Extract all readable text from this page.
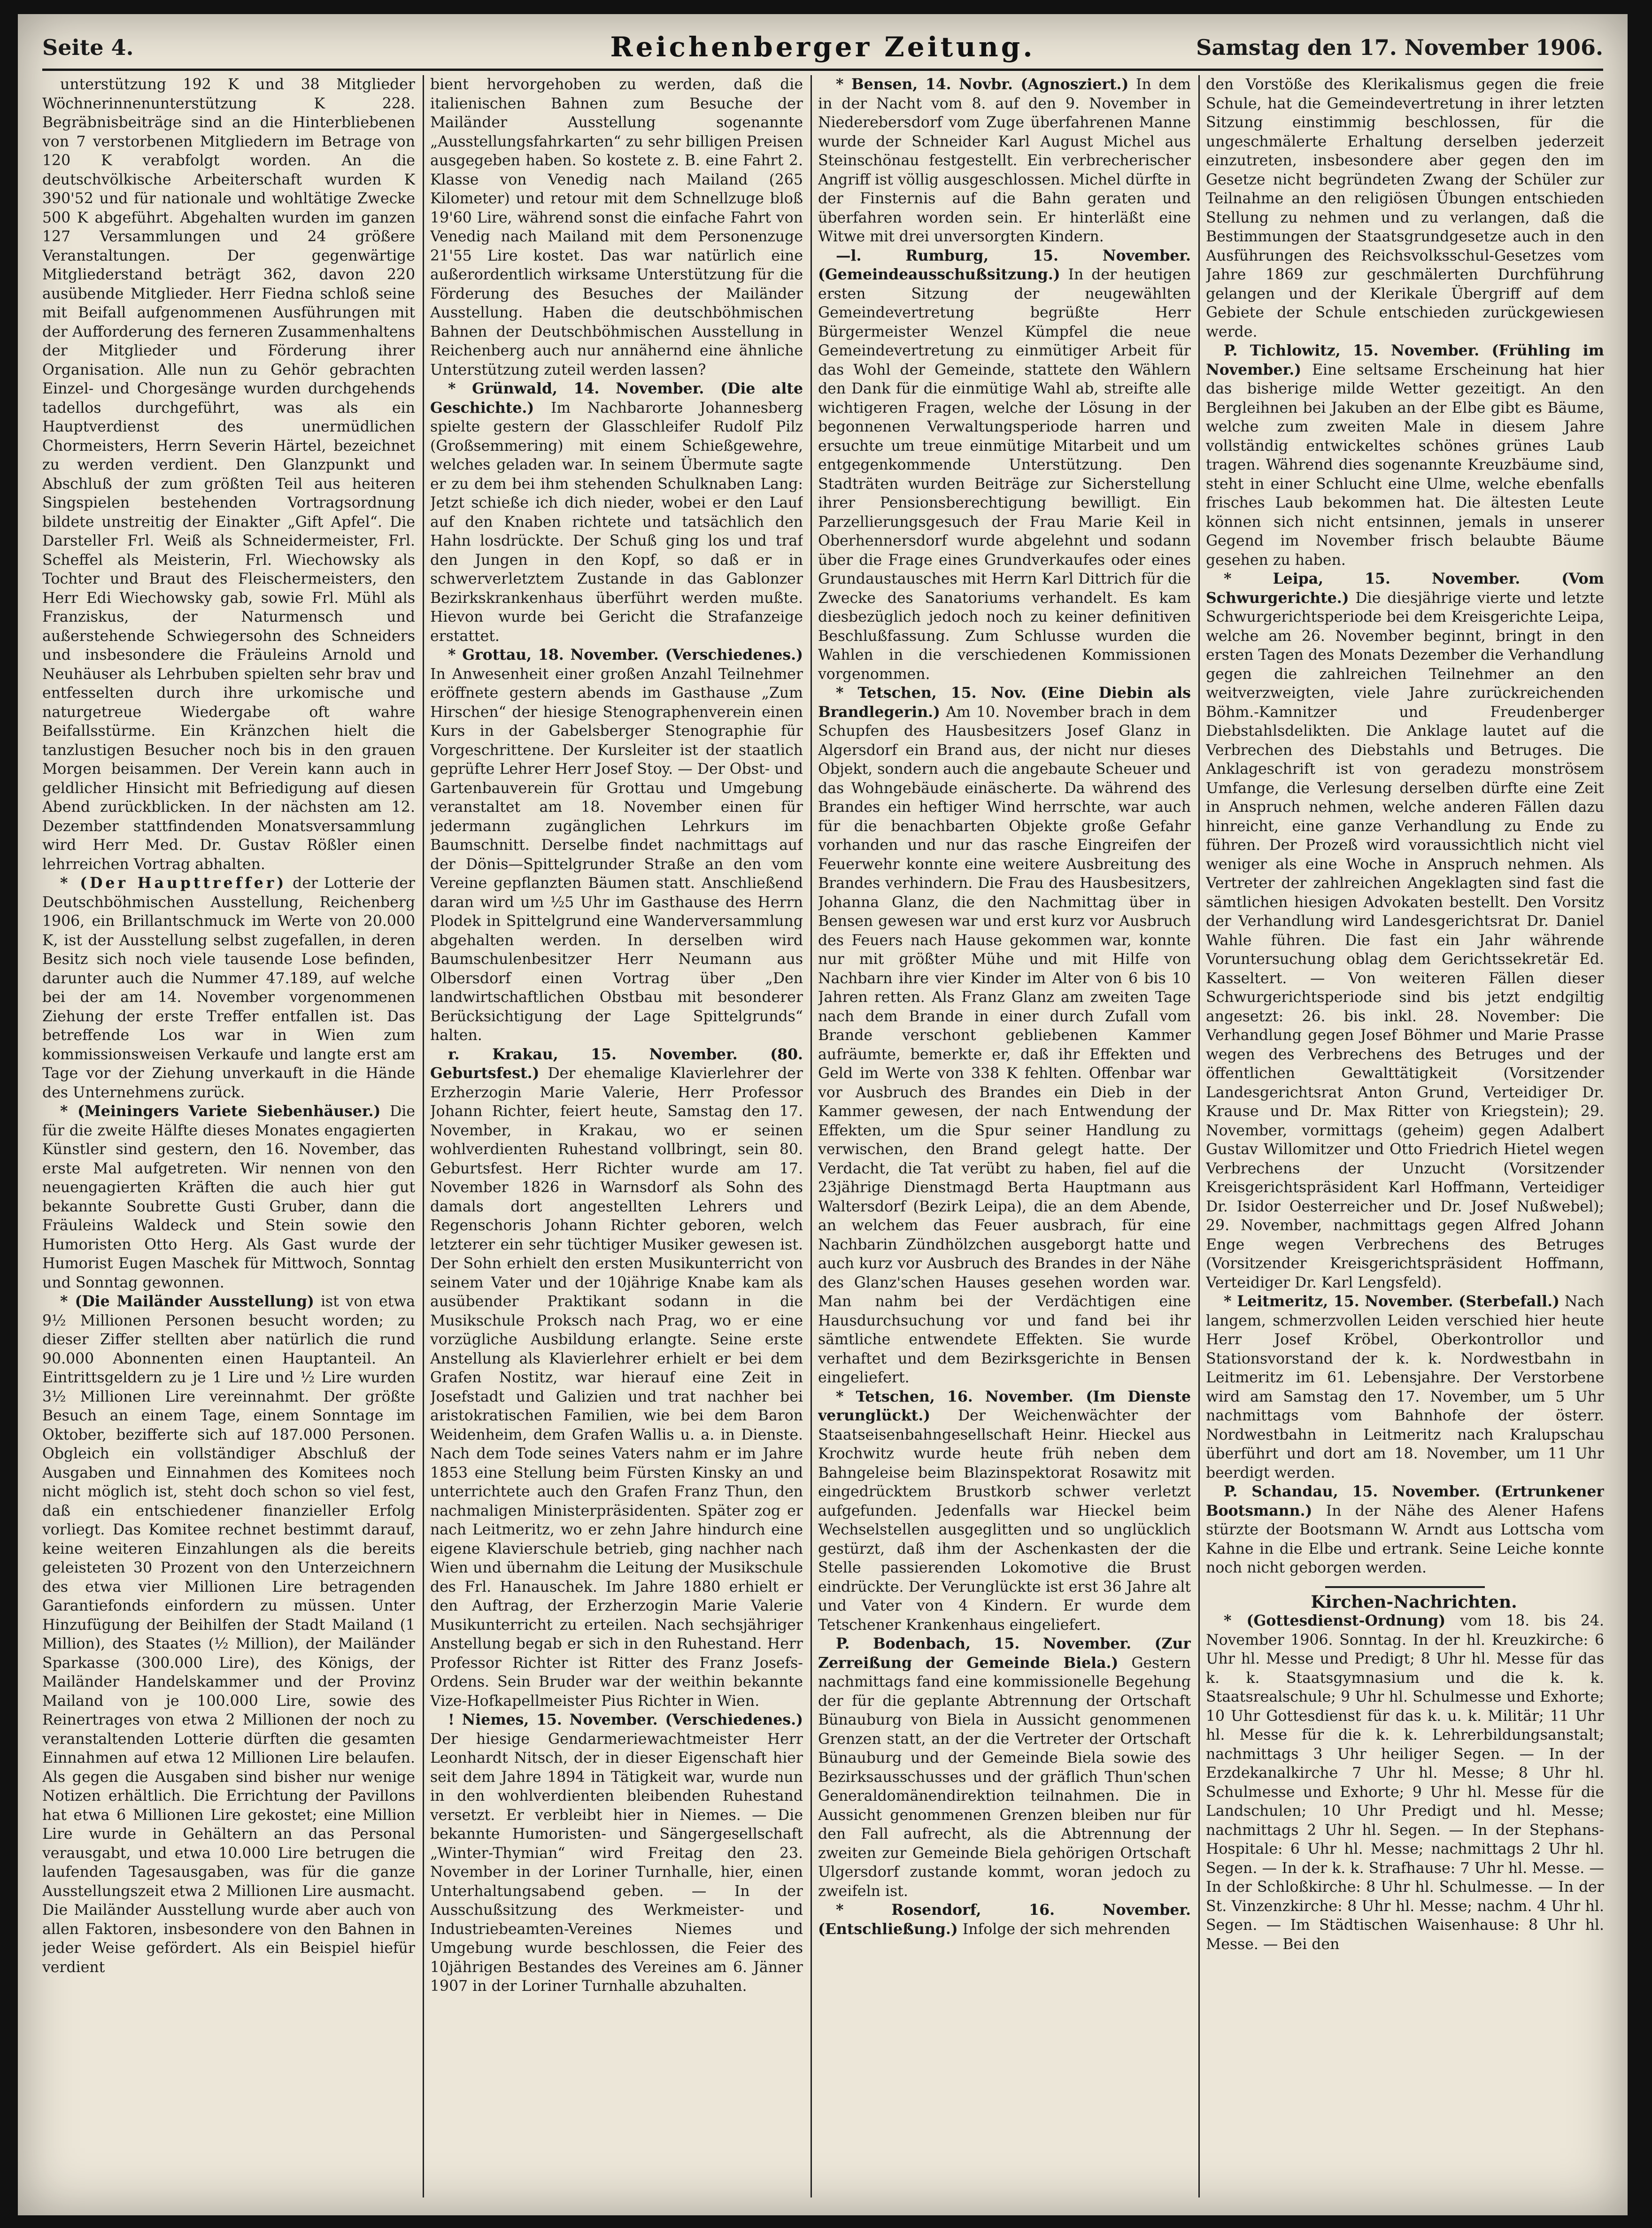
Seite 4.	Reichenberger Zeitung.	Samstag den 17. November 1906.

unterstützung 192 K und 38 Mitglieder Wöchnerinnenunterstützung K 228. Begräbnisbeiträge sind an die Hinterbliebenen von 7 verstorbenen Mitgliedern im Betrage von 120 K verabfolgt worden. An die deutschvölkische Arbeiterschaft wurden K 390'52 und für nationale und wohltätige Zwecke 500 K abgeführt. Abgehalten wurden im ganzen 127 Versammlungen und 24 größere Veranstaltungen. Der gegenwärtige Mitgliederstand beträgt 362, davon 220 ausübende Mitglieder. Herr Fiedna schloß seine mit Beifall aufgenommenen Ausführungen mit der Aufforderung des ferneren Zusammenhaltens der Mitglieder und Förderung ihrer Organisation. Alle nun zu Gehör gebrachten Einzel- und Chorgesänge wurden durchgehends tadellos durchgeführt, was als ein Hauptverdienst des unermüdlichen Chormeisters, Herrn Severin Härtel, bezeichnet zu werden verdient. Den Glanzpunkt und Abschluß der zum größten Teil aus heiteren Singspielen bestehenden Vortragsordnung bildete unstreitig der Einakter „Gift Apfel“. Die Darsteller Frl. Weiß als Schneidermeister, Frl. Scheffel als Meisterin, Frl. Wiechowsky als Tochter und Braut des Fleischermeisters, den Herr Edi Wiechowsky gab, sowie Frl. Mühl als Franziskus, der Naturmensch und außerstehende Schwiegersohn des Schneiders und insbesondere die Fräuleins Arnold und Neuhäuser als Lehrbuben spielten sehr brav und entfesselten durch ihre urkomische und naturgetreue Wiedergabe oft wahre Beifallsstürme. Ein Kränzchen hielt die tanzlustigen Besucher noch bis in den grauen Morgen beisammen. Der Verein kann auch in geldlicher Hinsicht mit Befriedigung auf diesen Abend zurückblicken. In der nächsten am 12. Dezember stattfindenden Monatsversammlung wird Herr Med. Dr. Gustav Rößler einen lehrreichen Vortrag abhalten.

* (Der Haupttreffer) der Lotterie der Deutschböhmischen Ausstellung, Reichenberg 1906, ein Brillantschmuck im Werte von 20.000 K, ist der Ausstellung selbst zugefallen, in deren Besitz sich noch viele tausende Lose befinden, darunter auch die Nummer 47.189, auf welche bei der am 14. November vorgenommenen Ziehung der erste Treffer entfallen ist. Das betreffende Los war in Wien zum kommissionsweisen Verkaufe und langte erst am Tage vor der Ziehung unverkauft in die Hände des Unternehmens zurück.

* (Meiningers Variete Siebenhäuser.) Die für die zweite Hälfte dieses Monates engagierten Künstler sind gestern, den 16. November, das erste Mal aufgetreten. Wir nennen von den neuengagierten Kräften die auch hier gut bekannte Soubrette Gusti Gruber, dann die Fräuleins Waldeck und Stein sowie den Humoristen Otto Herg. Als Gast wurde der Humorist Eugen Maschek für Mittwoch, Sonntag und Sonntag gewonnen.

* (Die Mailänder Ausstellung) ist von etwa 9½ Millionen Personen besucht worden; zu dieser Ziffer stellten aber natürlich die rund 90.000 Abonnenten einen Hauptanteil. An Eintrittsgeldern zu je 1 Lire und ½ Lire wurden 3½ Millionen Lire vereinnahmt. Der größte Besuch an einem Tage, einem Sonntage im Oktober, bezifferte sich auf 187.000 Personen. Obgleich ein vollständiger Abschluß der Ausgaben und Einnahmen des Komitees noch nicht möglich ist, steht doch schon so viel fest, daß ein entschiedener finanzieller Erfolg vorliegt. Das Komitee rechnet bestimmt darauf, keine weiteren Einzahlungen als die bereits geleisteten 30 Prozent von den Unterzeichnern des etwa vier Millionen Lire betragenden Garantiefonds einfordern zu müssen. Unter Hinzufügung der Beihilfen der Stadt Mailand (1 Million), des Staates (½ Million), der Mailänder Sparkasse (300.000 Lire), des Königs, der Mailänder Handelskammer und der Provinz Mailand von je 100.000 Lire, sowie des Reinertrages von etwa 2 Millionen der noch zu veranstaltenden Lotterie dürften die gesamten Einnahmen auf etwa 12 Millionen Lire belaufen. Als gegen die Ausgaben sind bisher nur wenige Notizen erhältlich. Die Errichtung der Pavillons hat etwa 6 Millionen Lire gekostet; eine Million Lire wurde in Gehältern an das Personal verausgabt, und etwa 10.000 Lire betrugen die laufenden Tagesausgaben, was für die ganze Ausstellungszeit etwa 2 Millionen Lire ausmacht. Die Mailänder Ausstellung wurde aber auch von allen Faktoren, insbesondere von den Bahnen in jeder Weise gefördert. Als ein Beispiel hiefür verdient

bient hervorgehoben zu werden, daß die italienischen Bahnen zum Besuche der Mailänder Ausstellung sogenannte „Ausstellungsfahrkarten“ zu sehr billigen Preisen ausgegeben haben. So kostete z. B. eine Fahrt 2. Klasse von Venedig nach Mailand (265 Kilometer) und retour mit dem Schnellzuge bloß 19'60 Lire, während sonst die einfache Fahrt von Venedig nach Mailand mit dem Personenzuge 21'55 Lire kostet. Das war natürlich eine außerordentlich wirksame Unterstützung für die Förderung des Besuches der Mailänder Ausstellung. Haben die deutschböhmischen Bahnen der Deutschböhmischen Ausstellung in Reichenberg auch nur annähernd eine ähnliche Unterstützung zuteil werden lassen?

* Grünwald, 14. November. (Die alte Geschichte.) Im Nachbarorte Johannesberg spielte gestern der Glasschleifer Rudolf Pilz (Großsemmering) mit einem Schießgewehre, welches geladen war. In seinem Übermute sagte er zu dem bei ihm stehenden Schulknaben Lang: Jetzt schieße ich dich nieder, wobei er den Lauf auf den Knaben richtete und tatsächlich den Hahn losdrückte. Der Schuß ging los und traf den Jungen in den Kopf, so daß er in schwerverletztem Zustande in das Gablonzer Bezirkskrankenhaus überführt werden mußte. Hievon wurde bei Gericht die Strafanzeige erstattet.

* Grottau, 18. November. (Verschiedenes.) In Anwesenheit einer großen Anzahl Teilnehmer eröffnete gestern abends im Gasthause „Zum Hirschen“ der hiesige Stenographenverein einen Kurs in der Gabelsberger Stenographie für Vorgeschrittene. Der Kursleiter ist der staatlich geprüfte Lehrer Herr Josef Stoy. — Der Obst- und Gartenbauverein für Grottau und Umgebung veranstaltet am 18. November einen für jedermann zugänglichen Lehrkurs im Baumschnitt. Derselbe findet nachmittags auf der Dönis—Spittelgrunder Straße an den vom Vereine gepflanzten Bäumen statt. Anschließend daran wird um ½5 Uhr im Gasthause des Herrn Plodek in Spittelgrund eine Wanderversammlung abgehalten werden. In derselben wird Baumschulenbesitzer Herr Neumann aus Olbersdorf einen Vortrag über „Den landwirtschaftlichen Obstbau mit besonderer Berücksichtigung der Lage Spittelgrunds“ halten.

r. Krakau, 15. November. (80. Geburtsfest.) Der ehemalige Klavierlehrer der Erzherzogin Marie Valerie, Herr Professor Johann Richter, feiert heute, Samstag den 17. November, in Krakau, wo er seinen wohlverdienten Ruhestand vollbringt, sein 80. Geburtsfest. Herr Richter wurde am 17. November 1826 in Warnsdorf als Sohn des damals dort angestellten Lehrers und Regenschoris Johann Richter geboren, welch letzterer ein sehr tüchtiger Musiker gewesen ist. Der Sohn erhielt den ersten Musikunterricht von seinem Vater und der 10jährige Knabe kam als ausübender Praktikant sodann in die Musikschule Proksch nach Prag, wo er eine vorzügliche Ausbildung erlangte. Seine erste Anstellung als Klavierlehrer erhielt er bei dem Grafen Nostitz, war hierauf eine Zeit in Josefstadt und Galizien und trat nachher bei aristokratischen Familien, wie bei dem Baron Weidenheim, dem Grafen Wallis u. a. in Dienste. Nach dem Tode seines Vaters nahm er im Jahre 1853 eine Stellung beim Fürsten Kinsky an und unterrichtete auch den Grafen Franz Thun, den nachmaligen Ministerpräsidenten. Später zog er nach Leitmeritz, wo er zehn Jahre hindurch eine eigene Klavierschule betrieb, ging nachher nach Wien und übernahm die Leitung der Musikschule des Frl. Hanauschek. Im Jahre 1880 erhielt er den Auftrag, der Erzherzogin Marie Valerie Musikunterricht zu erteilen. Nach sechsjähriger Anstellung begab er sich in den Ruhestand. Herr Professor Richter ist Ritter des Franz Josefs-Ordens. Sein Bruder war der weithin bekannte Vize-Hofkapellmeister Pius Richter in Wien.

! Niemes, 15. November. (Verschiedenes.) Der hiesige Gendarmeriewachtmeister Herr Leonhardt Nitsch, der in dieser Eigenschaft hier seit dem Jahre 1894 in Tätigkeit war, wurde nun in den wohlverdienten bleibenden Ruhestand versetzt. Er verbleibt hier in Niemes. — Die bekannte Humoristen- und Sängergesellschaft „Winter-Thymian“ wird Freitag den 23. November in der Loriner Turnhalle, hier, einen Unterhaltungsabend geben. — In der Ausschußsitzung des Werkmeister- und Industriebeamten-Vereines Niemes und Umgebung wurde beschlossen, die Feier des 10jährigen Bestandes des Vereines am 6. Jänner 1907 in der Loriner Turnhalle abzuhalten.

* Bensen, 14. Novbr. (Agnosziert.) In dem in der Nacht vom 8. auf den 9. November in Niederebersdorf vom Zuge überfahrenen Manne wurde der Schneider Karl August Michel aus Steinschönau festgestellt. Ein verbrecherischer Angriff ist völlig ausgeschlossen. Michel dürfte in der Finsternis auf die Bahn geraten und überfahren worden sein. Er hinterläßt eine Witwe mit drei unversorgten Kindern.

—l. Rumburg, 15. November. (Gemeindeausschußsitzung.) In der heutigen ersten Sitzung der neugewählten Gemeindevertretung begrüßte Herr Bürgermeister Wenzel Kümpfel die neue Gemeindevertretung zu einmütiger Arbeit für das Wohl der Gemeinde, stattete den Wählern den Dank für die einmütige Wahl ab, streifte alle wichtigeren Fragen, welche der Lösung in der begonnenen Verwaltungsperiode harren und ersuchte um treue einmütige Mitarbeit und um entgegenkommende Unterstützung. Den Stadträten wurden Beiträge zur Sicherstellung ihrer Pensionsberechtigung bewilligt. Ein Parzellierungsgesuch der Frau Marie Keil in Oberhennersdorf wurde abgelehnt und sodann über die Frage eines Grundverkaufes oder eines Grundaustausches mit Herrn Karl Dittrich für die Zwecke des Sanatoriums verhandelt. Es kam diesbezüglich jedoch noch zu keiner definitiven Beschlußfassung. Zum Schlusse wurden die Wahlen in die verschiedenen Kommissionen vorgenommen.

* Tetschen, 15. Nov. (Eine Diebin als Brandlegerin.) Am 10. November brach in dem Schupfen des Hausbesitzers Josef Glanz in Algersdorf ein Brand aus, der nicht nur dieses Objekt, sondern auch die angebaute Scheuer und das Wohngebäude einäscherte. Da während des Brandes ein heftiger Wind herrschte, war auch für die benachbarten Objekte große Gefahr vorhanden und nur das rasche Eingreifen der Feuerwehr konnte eine weitere Ausbreitung des Brandes verhindern. Die Frau des Hausbesitzers, Johanna Glanz, die den Nachmittag über in Bensen gewesen war und erst kurz vor Ausbruch des Feuers nach Hause gekommen war, konnte nur mit größter Mühe und mit Hilfe von Nachbarn ihre vier Kinder im Alter von 6 bis 10 Jahren retten. Als Franz Glanz am zweiten Tage nach dem Brande in einer durch Zufall vom Brande verschont gebliebenen Kammer aufräumte, bemerkte er, daß ihr Effekten und Geld im Werte von 338 K fehlten. Offenbar war vor Ausbruch des Brandes ein Dieb in der Kammer gewesen, der nach Entwendung der Effekten, um die Spur seiner Handlung zu verwischen, den Brand gelegt hatte. Der Verdacht, die Tat verübt zu haben, fiel auf die 23jährige Dienstmagd Berta Hauptmann aus Waltersdorf (Bezirk Leipa), die an dem Abende, an welchem das Feuer ausbrach, für eine Nachbarin Zündhölzchen ausgeborgt hatte und auch kurz vor Ausbruch des Brandes in der Nähe des Glanz'schen Hauses gesehen worden war. Man nahm bei der Verdächtigen eine Hausdurchsuchung vor und fand bei ihr sämtliche entwendete Effekten. Sie wurde verhaftet und dem Bezirksgerichte in Bensen eingeliefert.

* Tetschen, 16. November. (Im Dienste verunglückt.) Der Weichenwächter der Staatseisenbahngesellschaft Heinr. Hieckel aus Krochwitz wurde heute früh neben dem Bahngeleise beim Blazinspektorat Rosawitz mit eingedrücktem Brustkorb schwer verletzt aufgefunden. Jedenfalls war Hieckel beim Wechselstellen ausgeglitten und so unglücklich gestürzt, daß ihm der Aschenkasten der die Stelle passierenden Lokomotive die Brust eindrückte. Der Verunglückte ist erst 36 Jahre alt und Vater von 4 Kindern. Er wurde dem Tetschener Krankenhaus eingeliefert.

P. Bodenbach, 15. November. (Zur Zerreißung der Gemeinde Biela.) Gestern nachmittags fand eine kommissionelle Begehung der für die geplante Abtrennung der Ortschaft Bünauburg von Biela in Aussicht genommenen Grenzen statt, an der die Vertreter der Ortschaft Bünauburg und der Gemeinde Biela sowie des Bezirksausschusses und der gräflich Thun'schen Generaldomänendirektion teilnahmen. Die in Aussicht genommenen Grenzen bleiben nur für den Fall aufrecht, als die Abtrennung der zweiten zur Gemeinde Biela gehörigen Ortschaft Ulgersdorf zustande kommt, woran jedoch zu zweifeln ist.

* Rosendorf, 16. November. (Entschließung.) Infolge der sich mehrenden

den Vorstöße des Klerikalismus gegen die freie Schule, hat die Gemeindevertretung in ihrer letzten Sitzung einstimmig beschlossen, für die ungeschmälerte Erhaltung derselben jederzeit einzutreten, insbesondere aber gegen den im Gesetze nicht begründeten Zwang der Schüler zur Teilnahme an den religiösen Übungen entschieden Stellung zu nehmen und zu verlangen, daß die Bestimmungen der Staatsgrundgesetze auch in den Ausführungen des Reichsvolksschul-Gesetzes vom Jahre 1869 zur geschmälerten Durchführung gelangen und der Klerikale Übergriff auf dem Gebiete der Schule entschieden zurückgewiesen werde.

P. Tichlowitz, 15. November. (Frühling im November.) Eine seltsame Erscheinung hat hier das bisherige milde Wetter gezeitigt. An den Bergleihnen bei Jakuben an der Elbe gibt es Bäume, welche zum zweiten Male in diesem Jahre vollständig entwickeltes schönes grünes Laub tragen. Während dies sogenannte Kreuzbäume sind, steht in einer Schlucht eine Ulme, welche ebenfalls frisches Laub bekommen hat. Die ältesten Leute können sich nicht entsinnen, jemals in unserer Gegend im November frisch belaubte Bäume gesehen zu haben.

* Leipa, 15. November. (Vom Schwurgerichte.) Die diesjährige vierte und letzte Schwurgerichtsperiode bei dem Kreisgerichte Leipa, welche am 26. November beginnt, bringt in den ersten Tagen des Monats Dezember die Verhandlung gegen die zahlreichen Teilnehmer an den weitverzweigten, viele Jahre zurückreichenden Böhm.-Kamnitzer und Freudenberger Diebstahlsdelikten. Die Anklage lautet auf die Verbrechen des Diebstahls und Betruges. Die Anklageschrift ist von geradezu monströsem Umfange, die Verlesung derselben dürfte eine Zeit in Anspruch nehmen, welche anderen Fällen dazu hinreicht, eine ganze Verhandlung zu Ende zu führen. Der Prozeß wird voraussichtlich nicht viel weniger als eine Woche in Anspruch nehmen. Als Vertreter der zahlreichen Angeklagten sind fast die sämtlichen hiesigen Advokaten bestellt. Den Vorsitz der Verhandlung wird Landesgerichtsrat Dr. Daniel Wahle führen. Die fast ein Jahr währende Voruntersuchung oblag dem Gerichtssekretär Ed. Kasseltert. — Von weiteren Fällen dieser Schwurgerichtsperiode sind bis jetzt endgiltig angesetzt: 26. bis inkl. 28. November: Die Verhandlung gegen Josef Böhmer und Marie Prasse wegen des Verbrechens des Betruges und der öffentlichen Gewalttätigkeit (Vorsitzender Landesgerichtsrat Anton Grund, Verteidiger Dr. Krause und Dr. Max Ritter von Kriegstein); 29. November, vormittags (geheim) gegen Adalbert Gustav Willomitzer und Otto Friedrich Hietel wegen Verbrechens der Unzucht (Vorsitzender Kreisgerichtspräsident Karl Hoffmann, Verteidiger Dr. Isidor Oesterreicher und Dr. Josef Nußwebel); 29. November, nachmittags gegen Alfred Johann Enge wegen Verbrechens des Betruges (Vorsitzender Kreisgerichtspräsident Hoffmann, Verteidiger Dr. Karl Lengsfeld).

* Leitmeritz, 15. November. (Sterbefall.) Nach langem, schmerzvollen Leiden verschied hier heute Herr Josef Kröbel, Oberkontrollor und Stationsvorstand der k. k. Nordwestbahn in Leitmeritz im 61. Lebensjahre. Der Verstorbene wird am Samstag den 17. November, um 5 Uhr nachmittags vom Bahnhofe der österr. Nordwestbahn in Leitmeritz nach Kralupschau überführt und dort am 18. November, um 11 Uhr beerdigt werden.

P. Schandau, 15. November. (Ertrunkener Bootsmann.) In der Nähe des Alener Hafens stürzte der Bootsmann W. Arndt aus Lottscha vom Kahne in die Elbe und ertrank. Seine Leiche konnte noch nicht geborgen werden.

Kirchen-Nachrichten.

* (Gottesdienst-Ordnung) vom 18. bis 24. November 1906. Sonntag. In der hl. Kreuzkirche: 6 Uhr hl. Messe und Predigt; 8 Uhr hl. Messe für das k. k. Staatsgymnasium und die k. k. Staatsrealschule; 9 Uhr hl. Schulmesse und Exhorte; 10 Uhr Gottesdienst für das k. u. k. Militär; 11 Uhr hl. Messe für die k. k. Lehrerbildungsanstalt; nachmittags 3 Uhr heiliger Segen. — In der Erzdekanalkirche 7 Uhr hl. Messe; 8 Uhr hl. Schulmesse und Exhorte; 9 Uhr hl. Messe für die Landschulen; 10 Uhr Predigt und hl. Messe; nachmittags 2 Uhr hl. Segen. — In der Stephans-Hospitale: 6 Uhr hl. Messe; nachmittags 2 Uhr hl. Segen. — In der k. k. Strafhause: 7 Uhr hl. Messe. — In der Schloßkirche: 8 Uhr hl. Schulmesse. — In der St. Vinzenzkirche: 8 Uhr hl. Messe; nachm. 4 Uhr hl. Segen. — Im Städtischen Waisenhause: 8 Uhr hl. Messe. — Bei den
